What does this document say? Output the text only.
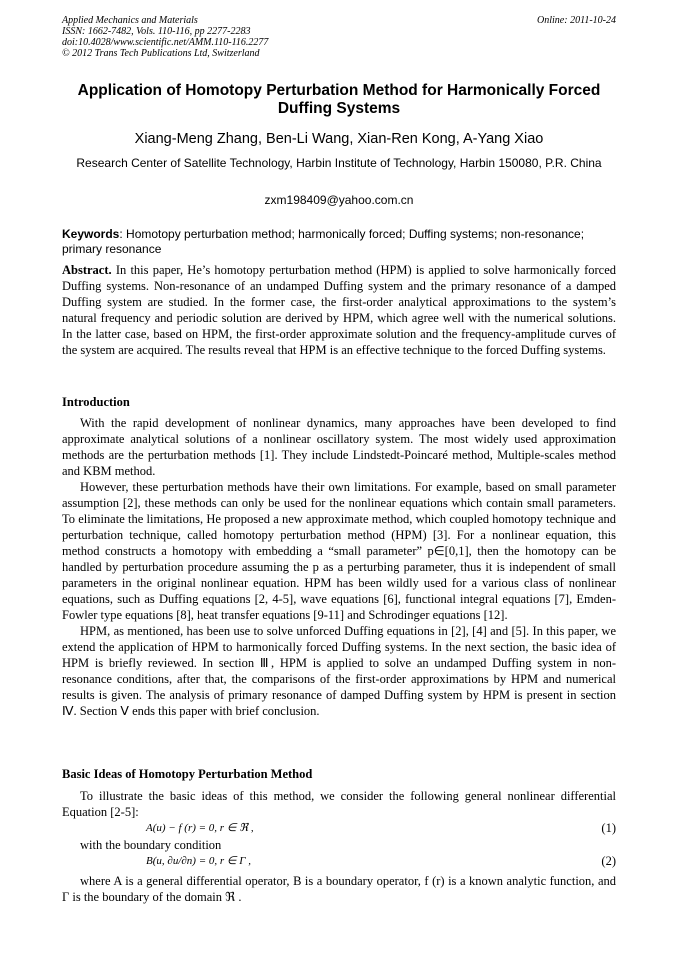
Applied Mechanics and Materials
ISSN: 1662-7482, Vols. 110-116, pp 2277-2283
doi:10.4028/www.scientific.net/AMM.110-116.2277
© 2012 Trans Tech Publications Ltd, Switzerland
Online: 2011-10-24
Application of Homotopy Perturbation Method for Harmonically Forced Duffing Systems
Xiang-Meng Zhang, Ben-Li Wang, Xian-Ren Kong, A-Yang Xiao
Research Center of Satellite Technology, Harbin Institute of Technology, Harbin 150080, P.R. China
zxm198409@yahoo.com.cn
Keywords: Homotopy perturbation method; harmonically forced; Duffing systems; non-resonance; primary resonance
Abstract. In this paper, He’s homotopy perturbation method (HPM) is applied to solve harmonically forced Duffing systems. Non-resonance of an undamped Duffing system and the primary resonance of a damped Duffing system are studied. In the former case, the first-order analytical approximations to the system’s natural frequency and periodic solution are derived by HPM, which agree well with the numerical solutions. In the latter case, based on HPM, the first-order approximate solution and the frequency-amplitude curves of the system are acquired. The results reveal that HPM is an effective technique to the forced Duffing systems.
Introduction

With the rapid development of nonlinear dynamics, many approaches have been developed to find approximate analytical solutions of a nonlinear oscillatory system. The most widely used approximation methods are the perturbation methods [1]. They include Lindstedt-Poincaré method, Multiple-scales method and KBM method.

However, these perturbation methods have their own limitations. For example, based on small parameter assumption [2], these methods can only be used for the nonlinear equations which contain small parameters. To eliminate the limitations, He proposed a new approximate method, which coupled homotopy technique and perturbation technique, called homotopy perturbation method (HPM) [3]. For a nonlinear equation, this method constructs a homotopy with embedding a “small parameter” p∈[0,1], then the homotopy can be handled by perturbation procedure assuming the p as a perturbing parameter, thus it is independent of small parameters in the original nonlinear equation. HPM has been wildly used for a various class of nonlinear equations, such as Duffing equations [2, 4-5], wave equations [6], functional integral equations [7], Emden-Fowler type equations [8], heat transfer equations [9-11] and Schrodinger equations [12].

HPM, as mentioned, has been use to solve unforced Duffing equations in [2], [4] and [5]. In this paper, we extend the application of HPM to harmonically forced Duffing systems. In the next section, the basic idea of HPM is briefly reviewed. In section Ⅲ, HPM is applied to solve an undamped Duffing system in non-resonance conditions, after that, the comparisons of the first-order approximations by HPM and numerical results is given. The analysis of primary resonance of damped Duffing system by HPM is present in section Ⅳ. Section Ⅴ ends this paper with brief conclusion.

Basic Ideas of Homotopy Perturbation Method

To illustrate the basic ideas of this method, we consider the following general nonlinear differential Equation [2-5]:

A(u) − f (r) = 0, r ∈ ℜ ,	(1)
with the boundary condition
B(u, ∂u/∂n) = 0, r ∈ Γ ,	(2)

where A is a general differential operator, B is a boundary operator, f (r) is a known analytic function, and Γ is the boundary of the domain ℜ .
